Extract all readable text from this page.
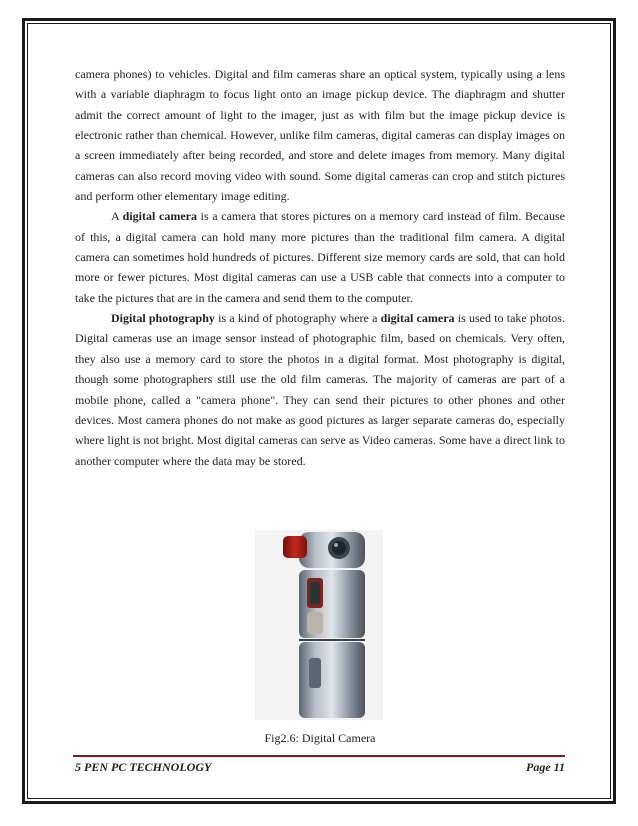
camera phones) to vehicles. Digital and film cameras share an optical system, typically using a lens with a variable diaphragm to focus light onto an image pickup device. The diaphragm and shutter admit the correct amount of light to the imager, just as with film but the image pickup device is electronic rather than chemical. However, unlike film cameras, digital cameras can display images on a screen immediately after being recorded, and store and delete images from memory. Many digital cameras can also record moving video with sound. Some digital cameras can crop and stitch pictures and perform other elementary image editing.

A digital camera is a camera that stores pictures on a memory card instead of film. Because of this, a digital camera can hold many more pictures than the traditional film camera. A digital camera can sometimes hold hundreds of pictures. Different size memory cards are sold, that can hold more or fewer pictures. Most digital cameras can use a USB cable that connects into a computer to take the pictures that are in the camera and send them to the computer.

Digital photography is a kind of photography where a digital camera is used to take photos. Digital cameras use an image sensor instead of photographic film, based on chemicals. Very often, they also use a memory card to store the photos in a digital format. Most photography is digital, though some photographers still use the old film cameras. The majority of cameras are part of a mobile phone, called a "camera phone". They can send their pictures to other phones and other devices. Most camera phones do not make as good pictures as larger separate cameras do, especially where light is not bright. Most digital cameras can serve as Video cameras. Some have a direct link to another computer where the data may be stored.

Fig2.6: Digital Camera
5 PEN PC TECHNOLOGY	Page 11
